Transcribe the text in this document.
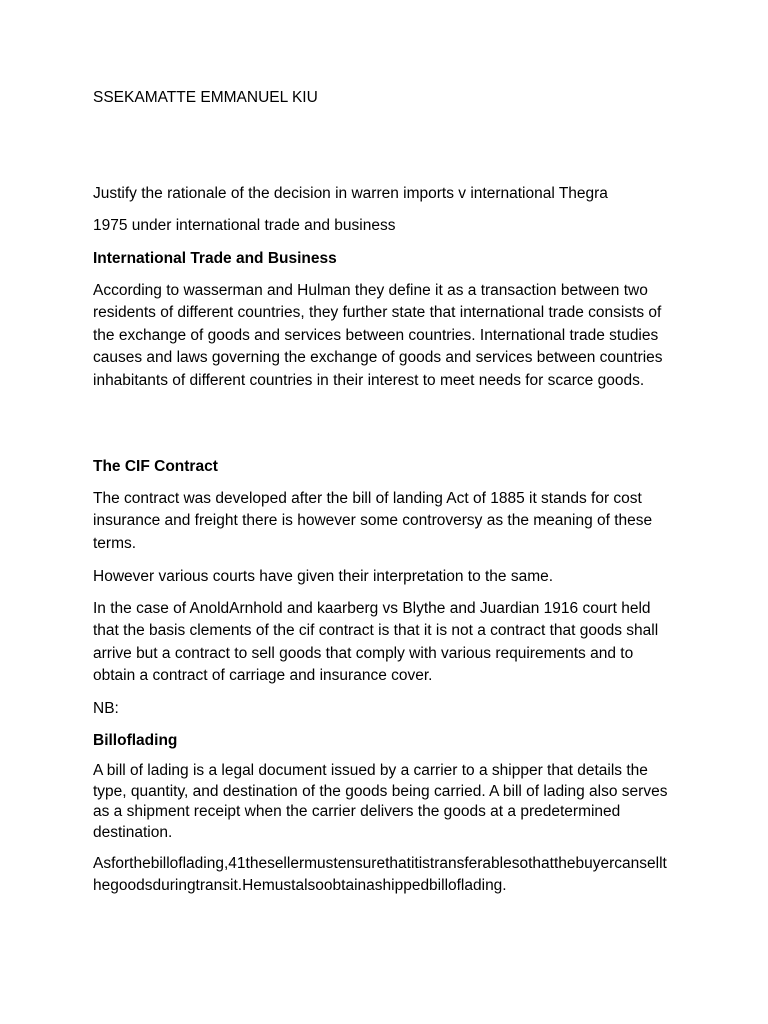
SSEKAMATTE EMMANUEL KIU

Justify the rationale of the decision in warren imports v international Thegra

1975 under international trade and business

International Trade and Business

According to wasserman and Hulman they define it as a transaction between two residents of different countries, they further state that international trade consists of the exchange of goods and services between countries. International trade studies causes and laws governing the exchange of goods and services between countries inhabitants of different countries in their interest to meet needs for scarce goods.

The CIF Contract

The contract was developed after the bill of landing Act of 1885 it stands for cost insurance and freight there is however some controversy as the meaning of these terms.

However various courts have given their interpretation to the same.

In the case of AnoldArnhold and kaarberg vs Blythe and Juardian 1916 court held that the basis clements of the cif contract is that it is not a contract that goods shall arrive but a contract to sell goods that comply with various requirements and to obtain a contract of carriage and insurance cover.

NB:

Billoflading

A bill of lading is a legal document issued by a carrier to a shipper that details the type, quantity, and destination of the goods being carried. A bill of lading also serves as a shipment receipt when the carrier delivers the goods at a predetermined destination.

Asforthebilloflading,41thesellermustensurethatitistransferablesothatthebuyercansellthegoodsduringtransit.Hemustalsoobtainashippedbilloflading.
